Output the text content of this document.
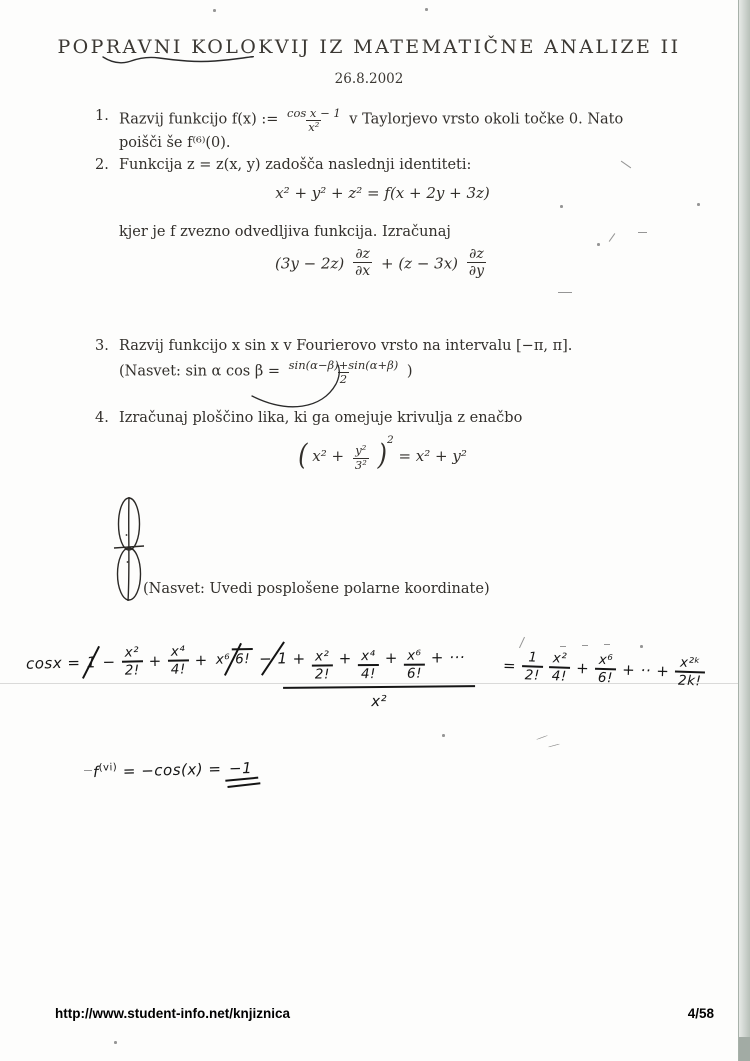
POPRAVNI KOLOKVIJ IZ MATEMATIČNE ANALIZE II
26.8.2002
1. Razvij funkcijo f(x) := $\frac{\text{cos x − 1}}{\text{x²}}$ v Taylorjevo vrsto okoli točke 0. Nato poišči še f⁽⁶⁾(0).
2. Funkcija z = z(x, y) zadošča naslednji identiteti:
x² + y² + z² = f(x + 2y + 3z)
kjer je f zvezno odvedljiva funkcija. Izračunaj
$(3y - 2z) \frac{\partial z}{\partial x} + (z - 3x) \frac{\partial z}{\partial y}$
3. Razvij funkcijo x sin x v Fourierovo vrsto na intervalu [−π, π].
(Nasvet: sin α $\cos \beta = \frac{\sin(\alpha-\beta)+\sin(\alpha+\beta)}{2}$ )
4. Izračunaj ploščino lika, ki ga omejuje krivulja z enačbo
( $x^2 + \frac{\text{y²}}{\text{3²}} )^2 = x^2 + y^2$
(Nasvet: Uvedi posplošene polarne koordinate)
$\cos x = 1 - \frac{\text{x²}}{2!} + \frac{\text{x⁴}}{4!} + x^6$ 6! − $1 + \frac{\text{x²}}{2!} + \frac{\text{x⁴}}{4!} + \frac{\text{x⁶}}{6!}$ + ···
x²
= $\frac{1}{2!} \frac{\text{x²}}{4!} + \frac{\text{x⁶}}{6!}$ + ·· + $\frac{\text{x²ᵏ}}{2k!}$
$f^{(vi)} = -\cos(x) = -1$
http://www.student-info.net/knjiznica	4/58
